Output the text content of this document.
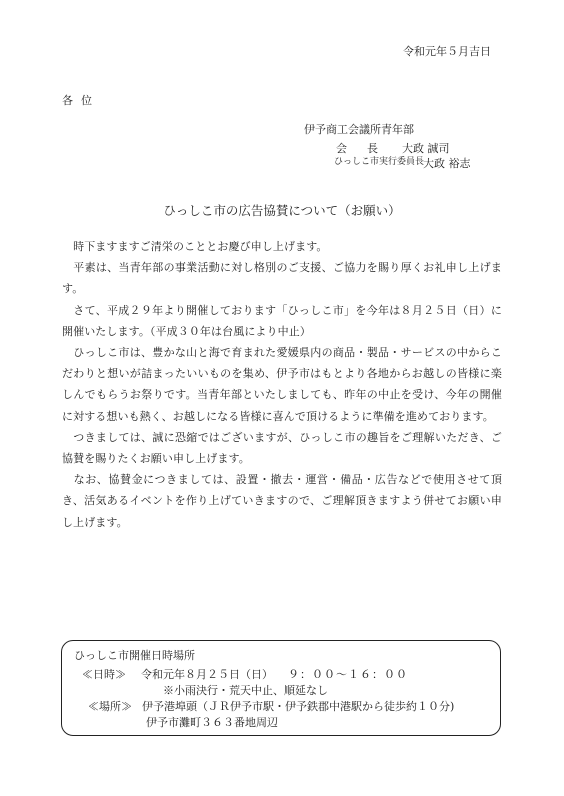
令和元年５月吉日
各位
伊予商工会議所青年部
会長 大政 誠司
ひっしこ市実行委員長
大政 裕志
ひっしこ市の広告協賛について（お願い）
　時下ますますご清栄のこととお慶び申し上げます。
　平素は、当青年部の事業活動に対し格別のご支援、ご協力を賜り厚くお礼申し上げます。
　さて、平成２９年より開催しております「ひっしこ市」を今年は８月２５日（日）に開催いたします。（平成３０年は台風により中止）
　ひっしこ市は、豊かな山と海で育まれた愛媛県内の商品・製品・サービスの中からこだわりと想いが詰まったいいものを集め、伊予市はもとより各地からお越しの皆様に楽しんでもらうお祭りです。当青年部といたしましても、昨年の中止を受け、今年の開催に対する想いも熱く、お越しになる皆様に喜んで頂けるように準備を進めております。
　つきましては、誠に恐縮ではございますが、ひっしこ市の趣旨をご理解いただき、ご協賛を賜りたくお願い申し上げます。
　なお、協賛金につきましては、設置・撤去・運営・備品・広告などで使用させて頂き、活気あるイベントを作り上げていきますので、ご理解頂きますよう併せてお願い申し上げます。
ひっしこ市開催日時場所
≪日時≫ 令和元年８月２５日（日） ９：００～１６：００
※小雨決行・荒天中止、順延なし
≪場所≫ 伊予港埠頭（ＪＲ伊予市駅・伊予鉄郡中港駅から徒歩約１０分)
伊予市灘町３６３番地周辺
